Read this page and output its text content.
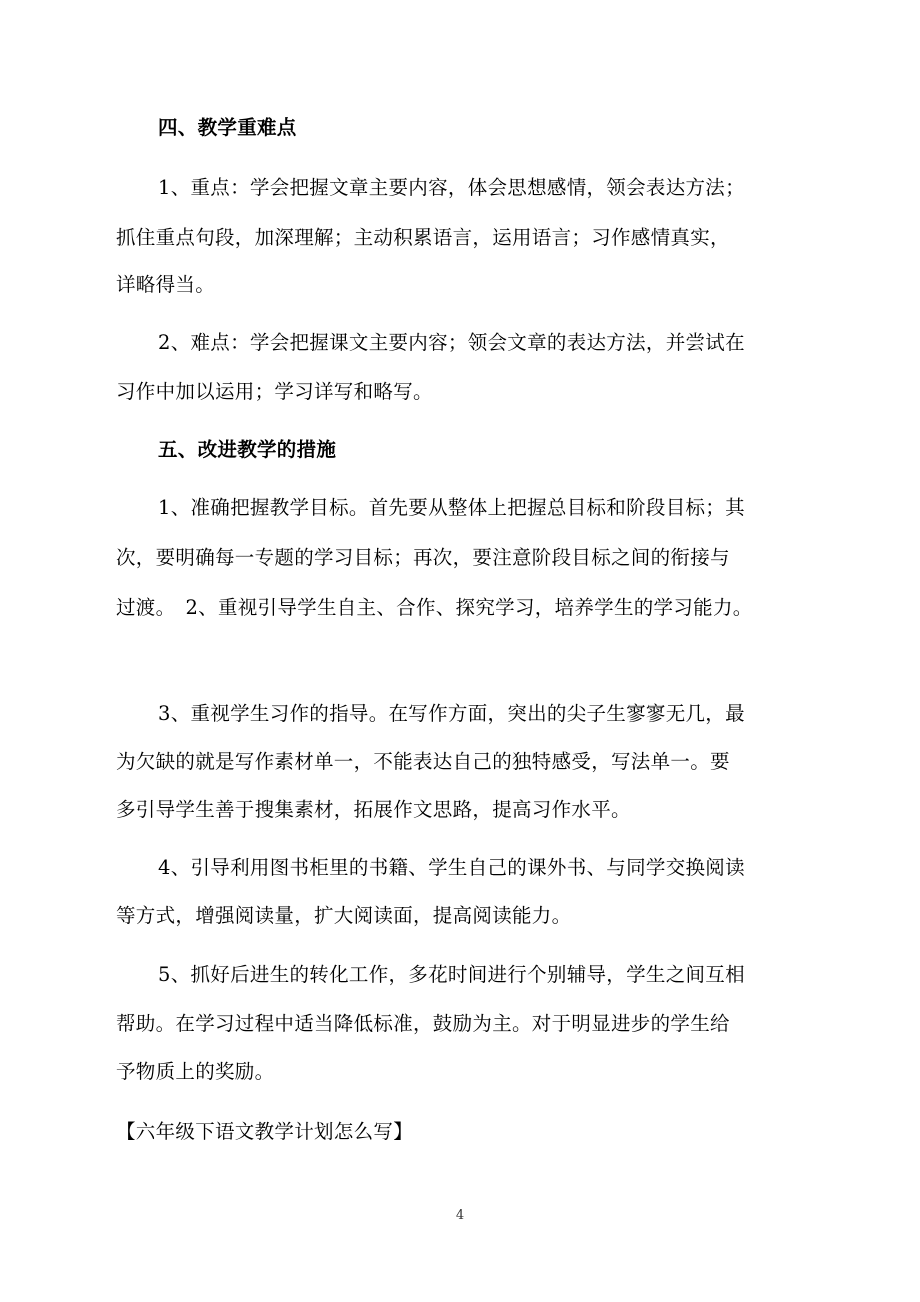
四、教学重难点
1、重点：学会把握文章主要内容，体会思想感情，领会表达方法；
抓住重点句段，加深理解；主动积累语言，运用语言；习作感情真实，
详略得当。
2、难点：学会把握课文主要内容；领会文章的表达方法，并尝试在
习作中加以运用；学习详写和略写。
五、改进教学的措施
1、准确把握教学目标。首先要从整体上把握总目标和阶段目标；其
次，要明确每一专题的学习目标；再次，要注意阶段目标之间的衔接与
过渡。　2、重视引导学生自主、合作、探究学习，培养学生的学习能力。
3、重视学生习作的指导。在写作方面，突出的尖子生寥寥无几，最
为欠缺的就是写作素材单一，不能表达自己的独特感受，写法单一。要
多引导学生善于搜集素材，拓展作文思路，提高习作水平。
4、引导利用图书柜里的书籍、学生自己的课外书、与同学交换阅读
等方式，增强阅读量，扩大阅读面，提高阅读能力。
5、抓好后进生的转化工作，多花时间进行个别辅导，学生之间互相
帮助。在学习过程中适当降低标准，鼓励为主。对于明显进步的学生给
予物质上的奖励。
【六年级下语文教学计划怎么写】
4
